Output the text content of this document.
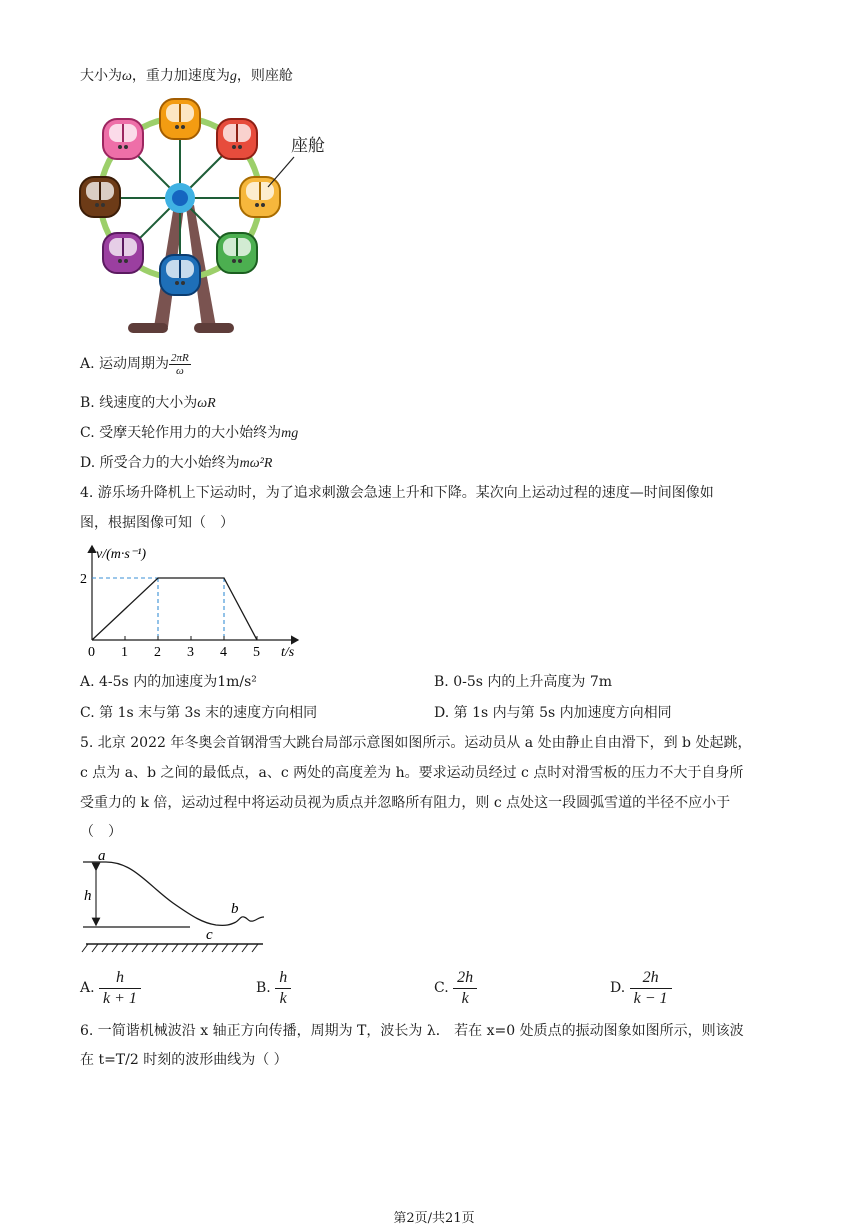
大小为ω，重力加速度为g，则座舱
座舱
A. 运动周期为 $\frac{2\pi R}{\omega}$
B. 线速度的大小为ωR
C. 受摩天轮作用力的大小始终为mg
D. 所受合力的大小始终为mω²R
4. 游乐场升降机上下运动时，为了追求刺激会急速上升和下降。某次向上运动过程的速度—时间图像如
图，根据图像可知（　）
0 1 2 3 4 5
2
v/(m·s⁻¹)
t/s
A. 4-5s 内的加速度为1m/s²	B. 0-5s 内的上升高度为 7m
C. 第 1s 末与第 3s 末的速度方向相同	D. 第 1s 内与第 5s 内加速度方向相同
5. 北京 2022 年冬奥会首钢滑雪大跳台局部示意图如图所示。运动员从 a 处由静止自由滑下，到 b 处起跳，
c 点为 a、b 之间的最低点，a、c 两处的高度差为 h。要求运动员经过 c 点时对滑雪板的压力不大于自身所
受重力的 k 倍，运动过程中将运动员视为质点并忽略所有阻力，则 c 点处这一段圆弧雪道的半径不应小于
（　）
a
h
c
b
A. $\frac{h}{k + 1}$	B. $\frac{h}{k}$	C. $\frac{2h}{k}$	D. $\frac{2h}{k - 1}$
6. 一简谐机械波沿 x 轴正方向传播，周期为 T，波长为 λ． 若在 x=0 处质点的振动图象如图所示，则该波
在 t=T/2 时刻的波形曲线为（ ）
第2页/共21页
